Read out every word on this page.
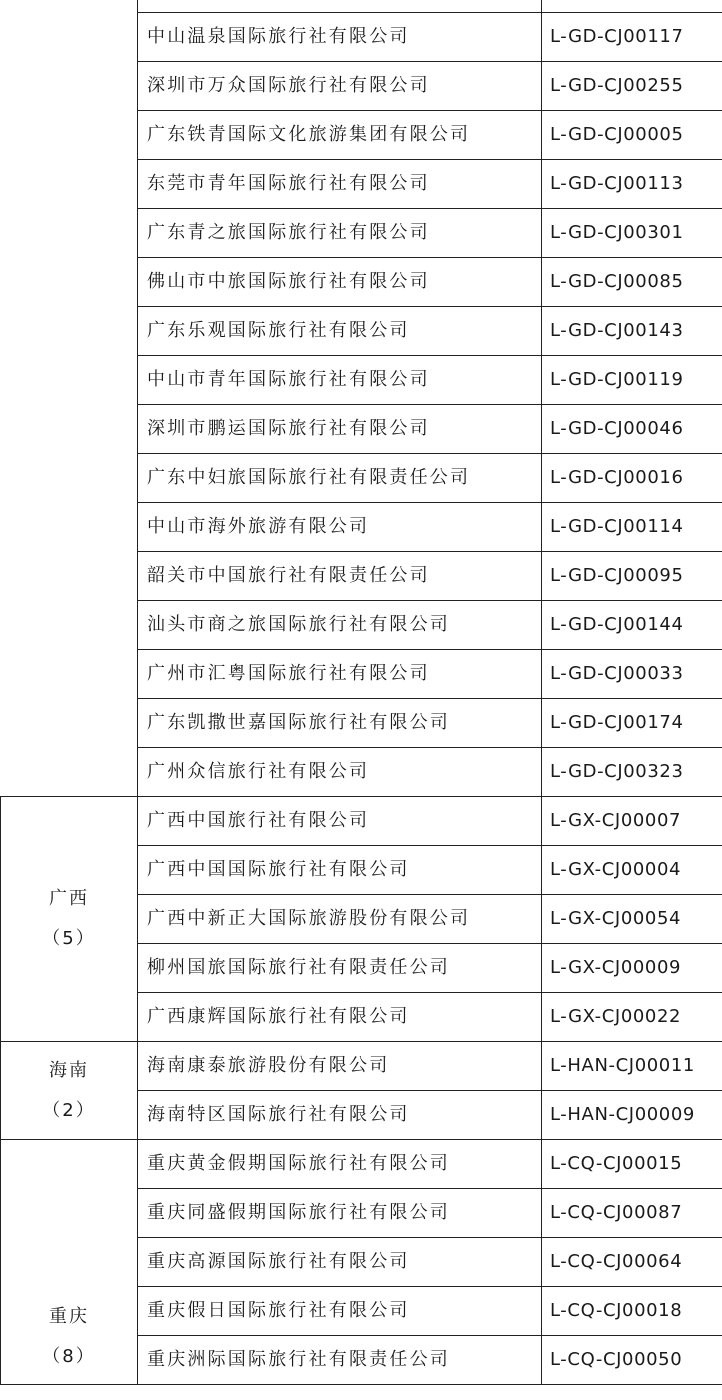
	中山温泉国际旅行社有限公司	L-GD-CJ00117
	深圳市万众国际旅行社有限公司	L-GD-CJ00255
	广东铁青国际文化旅游集团有限公司	L-GD-CJ00005
	东莞市青年国际旅行社有限公司	L-GD-CJ00113
	广东青之旅国际旅行社有限公司	L-GD-CJ00301
	佛山市中旅国际旅行社有限公司	L-GD-CJ00085
	广东乐观国际旅行社有限公司	L-GD-CJ00143
	中山市青年国际旅行社有限公司	L-GD-CJ00119
	深圳市鹏运国际旅行社有限公司	L-GD-CJ00046
	广东中妇旅国际旅行社有限责任公司	L-GD-CJ00016
	中山市海外旅游有限公司	L-GD-CJ00114
	韶关市中国旅行社有限责任公司	L-GD-CJ00095
	汕头市商之旅国际旅行社有限公司	L-GD-CJ00144
	广州市汇粤国际旅行社有限公司	L-GD-CJ00033
	广东凯撒世嘉国际旅行社有限公司	L-GD-CJ00174
	广州众信旅行社有限公司	L-GD-CJ00323

广西
（5）	广西中国旅行社有限公司	L-GX-CJ00007
	广西中国国际旅行社有限公司	L-GX-CJ00004
	广西中新正大国际旅游股份有限公司	L-GX-CJ00054
	柳州国旅国际旅行社有限责任公司	L-GX-CJ00009
	广西康辉国际旅行社有限公司	L-GX-CJ00022

海南
（2）	海南康泰旅游股份有限公司	L-HAN-CJ00011
	海南特区国际旅行社有限公司	L-HAN-CJ00009

重庆
（8）	重庆黄金假期国际旅行社有限公司	L-CQ-CJ00015
	重庆同盛假期国际旅行社有限公司	L-CQ-CJ00087
	重庆高源国际旅行社有限公司	L-CQ-CJ00064
	重庆假日国际旅行社有限公司	L-CQ-CJ00018
	重庆洲际国际旅行社有限责任公司	L-CQ-CJ00050
